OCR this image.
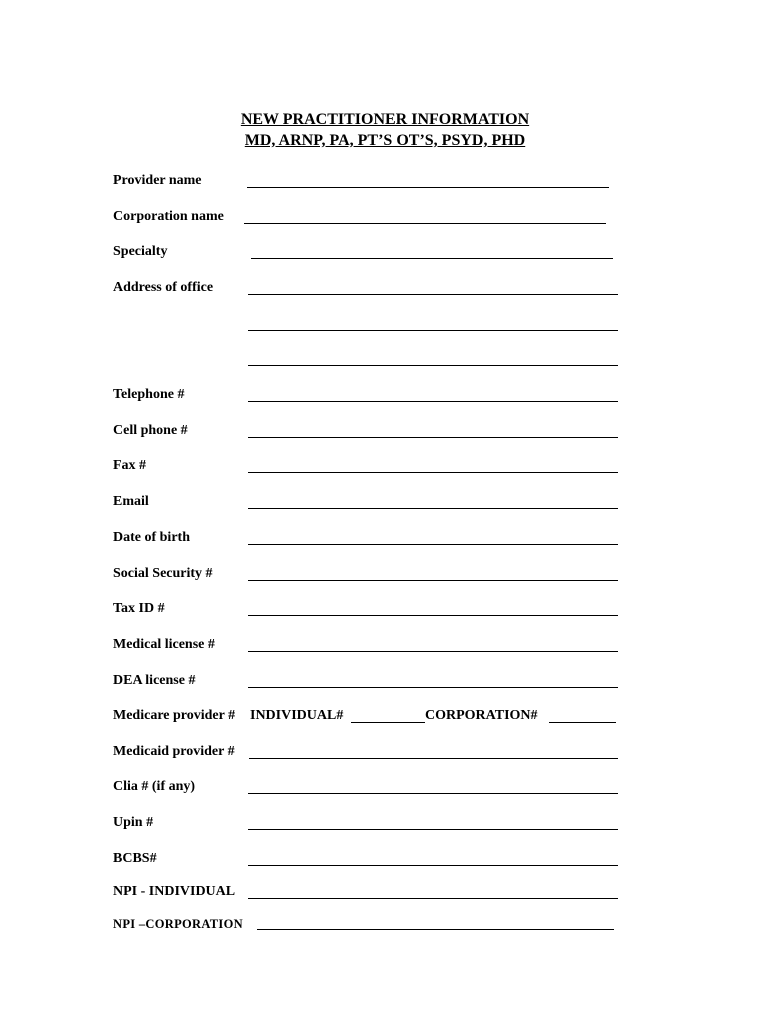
NEW PRACTITIONER INFORMATION
MD, ARNP, PA, PT’S OT’S, PSYD, PHD
Provider name
Corporation name
Specialty
Address of office
Telephone #
Cell phone #
Fax #
Email
Date of birth
Social Security #
Tax ID #
Medical license #
DEA license #
Medicare provider # INDIVIDUAL#	CORPORATION#
Medicaid provider #
Clia # (if any)
Upin #
BCBS#
NPI - INDIVIDUAL
NPI –CORPORATION
